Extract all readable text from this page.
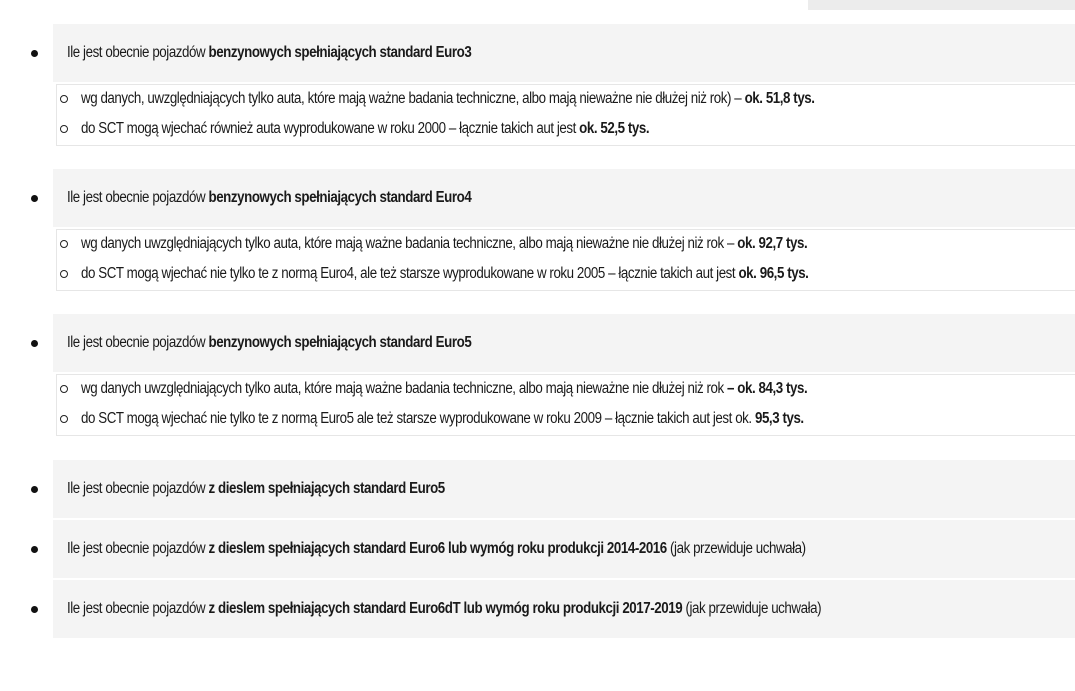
Ile jest obecnie pojazdów benzynowych spełniających standard Euro3
wg danych, uwzględniających tylko auta, które mają ważne badania techniczne, albo mają nieważne nie dłużej niż rok) – ok. 51,8 tys.
do SCT mogą wjechać również auta wyprodukowane w roku 2000 – łącznie takich aut jest ok. 52,5 tys.
Ile jest obecnie pojazdów benzynowych spełniających standard Euro4
wg danych uwzględniających tylko auta, które mają ważne badania techniczne, albo mają nieważne nie dłużej niż rok – ok. 92,7 tys.
do SCT mogą wjechać nie tylko te z normą Euro4, ale też starsze wyprodukowane w roku 2005 – łącznie takich aut jest ok. 96,5 tys.
Ile jest obecnie pojazdów benzynowych spełniających standard Euro5
wg danych uwzględniających tylko auta, które mają ważne badania techniczne, albo mają nieważne nie dłużej niż rok – ok. 84,3 tys.
do SCT mogą wjechać nie tylko te z normą Euro5 ale też starsze wyprodukowane w roku 2009 – łącznie takich aut jest ok. 95,3 tys.
Ile jest obecnie pojazdów z dieslem spełniających standard Euro5
Ile jest obecnie pojazdów z dieslem spełniających standard Euro6 lub wymóg roku produkcji 2014-2016 (jak przewiduje uchwała)
Ile jest obecnie pojazdów z dieslem spełniających standard Euro6dT lub wymóg roku produkcji 2017-2019 (jak przewiduje uchwała)
